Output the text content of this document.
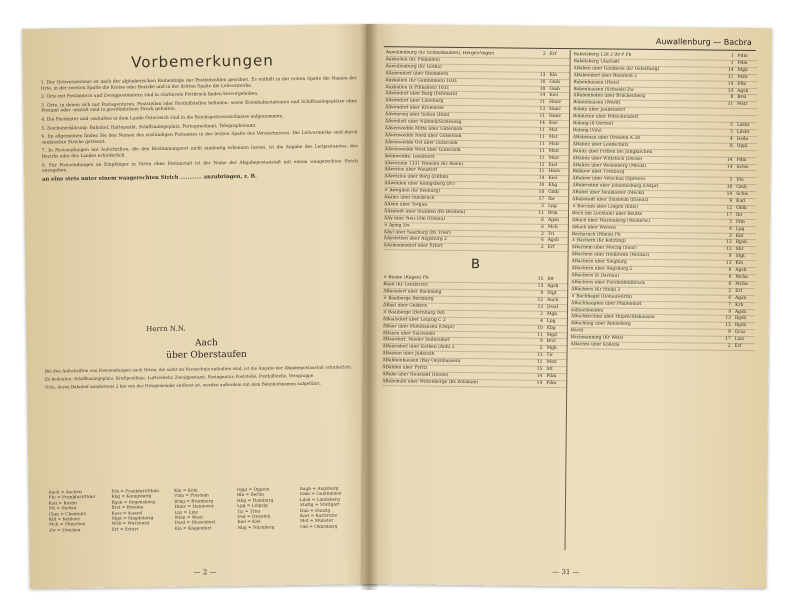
Vorbemerkungen

1. Der Ortsverzeichnis ist nach der alphabetischen Reihenfolge der Postleitzahlen geordnet. Es enthält in der ersten Spalte die Namen der Orte, in der zweiten Spalte die Kreise oder Bezirke und in der dritten Spalte die Leitvermerke.

2. Orte mit Postämtern und Zweigpostämtern sind in stärkerem Fettdruck finden hervorgehoben.

3. Orte, in denen sich nur Postagenturen, Poststellen oder Posthilfstellen befinden, sowie Eisenbahnstationen und Schiffsanlegeplätze ohne Postamt oder -anstalt sind in gewöhnlichem Druck gehalten.

4. Die Postämter und -anstalten in dem Lande Österreich sind in die Reichspostverzeichnisse aufgenommen.

5. Zeichenerklärung: Bahnhof, Haltepunkt, Schiffsanlegeplatz, Fernsprechamt, Telegraphenamt.

6. Im allgemeinen finden Sie den Namen des zuständigen Postamtes in der letzten Spalte des Verzeichnisses. Die Leitvermerke sind durch senkrechte Striche getrennt.

7. In Postsendungen mit Aufschriften, die den Bestimmungsort nicht eindeutig erkennen lassen, ist die Angabe des Leitpostamtes, des Bezirks oder des Landes erforderlich.

8. Für Postsendungen an Empfänger in Orten ohne Postanstalt ist der Name der Abgabepostanstalt mit einem waagerechten Strich anzugeben.

an eine stets unter einem waagerechten Strich ............ anzubringen, z. B.

Herrn N.N.
Aach
über Oberstaufen

Bei den Aufschriften von Postsendungen nach Orten, die nicht im Verzeichnis enthalten sind, ist die Angabe der Abgabepostanstalt erforderlich.

Es bedeuten: Schiffsanlegeplatz, Kraftpostlinie, Luftverkehr, Zweigpostamt, Postagentur, Poststelle, Posthilfstelle, Ortsgruppe.

Orte, deren Bahnhof mindestens 2 km von der Ortsgemeinde entfernt ist, werden außerdem mit dem Bahnhofsnamen aufgeführt.

Aach = Aachen	Frk = Frankfurt/Main	Kln = Köln	Oppl = Oppeln	Augb = Augsburg
Ffo = Frankfurt/Oder	Kbg = Königsberg	Pdm = Potsdam	Bln = Berlin	Gmb = Gumbinnen
Kslt = Koslin	Rgsb = Regensburg	Brbg = Bromberg	Hbg = Hamburg	Ldsb = Landsberg
Stt = Stettin	Brsl = Breslau	Hnnv = Hannover	Lpg = Leipzig	Stuttg = Stuttgart
Chm = Chemnitz	Kass = Kassel	Lnz = Linz	Tir = Trier	Dan = Danzig
Kbl = Koblenz	Mgd = Magdeburg	Wien = Wien	Dsd = Dresden	Karl = Karlsruhe
Mch = München	Wzb = Würzburg	Dssd = Düsseldorf	Kiel = Kiel	Mst = Münster
Zw = Zwickau	Erf = Erfurt	Kla = Klagenfurt	Nbg = Nürnberg	Old = Oldenburg
— 2 —
Auwallenburg — Bacbra
Auwallenburg (Kr Schmalkalden), Herges-Vogtei	2 Erf
Auxkallen (Kr Pillkallen)
Auwallenburg (Kr Gotha)
ΔAuxendorf über Stemmern	13 Kln
Auxkallen (Kr Gumbinnen) 1031	10 Gmb
Auxkallen (x Pillkallen) 1031	10 Gmb
ΔAvendorf über Burg (Fehmarn)	14 Kiel
ΔAvendorf über Lüneburg	11 Hnnv
ΔAvendorf über Kroienese	13 Hnnv
ΔAvenrieg über Soltau (Han)	11 Hnnv
ΔAvenloft über Nübbell/Schleswig	14 Kiel
ΔAvenwedde Mitte über Gütersloh	11 Mst
ΔAvenwedde Nord über Gütersloh	11 Mst
ΔAvenwedde Ost über Gütersloh	11 Mstr
ΔAvenwedde West über Gütersloh	11 Mstr
Avenwedde, Isselhorst	11 Mstr
ΔAveronni 1331 Wenoen (Kr Alsen)	12 Kiel
ΔAverlos über Woustorf	11 Hnnv
ΔAvetzlos über Borg (Dithm)	14 Kiel
ΔAwelden über Königsberg (Pr)	10 Kbg
× Awegilen (Kr Seeburg)	10 Gmb
Axams über Innsbruck	17 Ibr
ΔAxen über Torgau	5 Lpg
ΔAxstedt über Stubben (Bz Bremen)	11 Brm
ΔAy über Neu-Ulm (Donau)	6 Agsb
× Aying Zw	6 Mch
ΔAyl über Saarburg (Bz Trier)	2 Tri
ΔAystetten über Augsburg 2	6 Agsb
ΔAzmannsdorf über Erfurt	2 Erf
B
× Baabe (Rügen) Fh	15 Stt
Baad (Kr Leutkirch)	13 Agsb
ΔBaasdorf über Backnang	9 Stgt
× Baalberge Bernburg	12 Aach
ΔBaal über Geldern	13 Dssd
× Baalberge (Bernburg Od)	2 Mgb
ΔBaalsdorf über Leipzig C 2	4 Lpg
ΔBaar über Mühlhausen (Ostpr)	10 Kbg
ΔBaarn über Salzwedel	11 Mgd
ΔBaardorf, Nieder Seifersdorf	9 Brsl
ΔBaarsdorf über Kothen (Anh) 2	2 Mgb
ΔBaasen über Jüderath	13 Tir
ΔBabbenhausen (Bay Oeynhausen)	11 Mstr
ΔBabbin über Pyritz	15 Stt
ΔBabe über Neustadt (Dosse)	14 Pdm
ΔBabekuhl über Wittenberge (Bz Potsdam)	14 Pdm
Babelsberg 128 2 99 P Fh	1 Pdm
Babelsberg Ufastadt	1 Pdm
ΔBaben über Goldbeck (Kr Osterburg)	14 Mgb
ΔBabendorf über Bielefeld 2	11 Mstr
Babenhausen (Hess)	14 Ffm
Babenhausen (Schwab) Zw	13 Agsb
ΔBabenhofen über Brückenberg	8 Brsl
Babenhausen (Westf)	11 Mstr
Babitz über Jaudendorf
Babitzten über Poltschendorf
Babing (8 Oerten)	5 Ldsht
Babing (Vils)	5 Ldsht
ΔBabisnau über Dresden A 28	4 Dsdn
ΔBabitz über Leobschütz	8 Oppl
Babitz über Fritten bei Jungkirchen
ΔBabitz über Wittstock (Dosse)	14 Pdm
ΔBabitz über Wesenberg (Meckl)	14 Schw
Babkow über Treuburg
ΔBabow über Vetschau (Spreew)	5 Ffo
ΔBabrosten über Johannisburg (Ostpr)	10 Gmb
ΔBabst über Neukloster (Meckl)	14 Schw
ΔBabstadt über Sinsheim (Elsenz)	9 Karl
× Baccum über Lingen (Ems)	12 Oldb
Bach (im Lechtale) über Reutte	17 Ibr
ΔBach über Marienberg (Westerw)	3 Ffm
ΔBach über Wersen	4 Lpg
Bacharach (Rhein) Fh	3 Kbl
× Bachern (Kr Kötzting)	13 Rgsb
ΔBachem über Merzig (Saar)	13 Sbr
ΔBachem über Heilbronn (Neckar)	9 Stgt
ΔBachern über Siegburg	13 Kln
ΔBachern über Augsburg 2	6 Agsb
ΔBachern (b Dachau)	6 Mchn
ΔBachern über Fürstenfeldbruck	6 Mchn
ΔBachern (Kr Stolp) 2	2 Erf
× Bachhagel (Donauwörth)	6 Agsb
ΔBachhaupten über Pfullendorf	7 Krh
salbachheiden	9 Agsb
ΔBachkirchen über Hilprechtshausen	13 Rgsb
ΔBachling über Abensberg	13 Rgsb
Bachl	9 Graz
Bachmanning (Kr Wels)	17 Linz
ΔBachra über Kölleda	2 Erf
— 31 —
